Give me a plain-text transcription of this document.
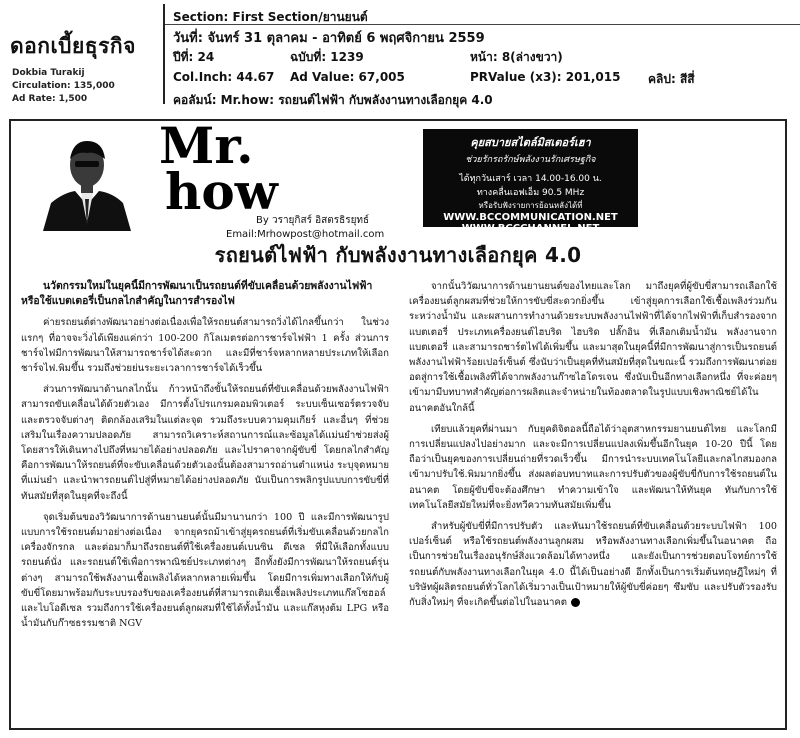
ดอกเบี้ยธุรกิจ
Dokbia Turakij
Circulation: 135,000
Ad Rate: 1,500
Section: First Section/ยานยนต์
วันที่: จันทร์ 31 ตุลาคม - อาทิตย์ 6 พฤศจิกายน 2559
ปีที่: 24	ฉบับที่: 1239	หน้า: 8(ล่างขวา)
Col.Inch: 44.67 Ad Value: 67,005	PRValue (x3): 201,015 คลิป: สีสี่
คอลัมน์: Mr.how: รถยนต์ไฟฟ้า กับพลังงานทางเลือกยุค 4.0
Mr.
how
By วรายุกิสร์ อิสตรธิรยุทธ์
Email:Mrhowpost@hotmail.com
คุยสบายสไตล์มิสเตอร์เฮา
ช่วยรักรถรักษ์พลังงานรักเศรษฐกิจ
ได้ทุกวันเสาร์ เวลา 14.00-16.00 น.
ทางคลื่นเอฟเอ็ม 90.5 MHz
หรือรับฟังรายการย้อนหลังได้ที่
WWW.BCCOMMUNICATION.NET
WWW.BCCCHANNEL.NET
รถยนต์ไฟฟ้า กับพลังงานทางเลือกยุค 4.0

นวัตกรรมใหม่ในยุคนี้มีการพัฒนาเป็นรถยนต์ที่ขับเคลื่อนด้วยพลังงานไฟฟ้า หรือใช้แบตเตอรี่เป็นกลไกสำคัญในการสำรองไฟ

ค่ายรถยนต์ต่างพัฒนาอย่างต่อเนื่องเพื่อให้รถยนต์สามารถวิ่งได้ไกลขึ้นกว่า ในช่วงแรกๆ ที่อาจจะวิ่งได้เพียงแค่กว่า 100-200 กิโลเมตรต่อการชาร์จไฟฟ้า 1 ครั้ง ส่วนการชาร์จไฟมีการพัฒนาให้สามารถชาร์จได้สะดวก และมีที่ชาร์จหลากหลายประเภทให้เลือก ชาร์จไฟ.พิมขึ้น รวมถึงช่วยย่นระยะเวลาการชาร์จได้เร็วขึ้น

ส่วนการพัฒนาด้านกลไกนั้น ก้าวหน้าถึงขั้นให้รถยนต์ที่ขับเคลื่อนด้วยพลังงานไฟฟ้าสามารถขับเคลื่อนได้ด้วยตัวเอง มีการตั้งโปรแกรมคอมพิวเตอร์ ระบบเซ็นเซอร์ตรวจจับและตรวจจับต่างๆ ติดกล้องเสริมในแต่ละจุด รวมถึงระบบความคุมเกียร์ และอื่นๆ ที่ช่วยเสริมในเรื่องความปลอดภัย สามารถวิเคราะห์สถานการณ์และซ้อมูลได้แม่นยำช่วยส่งผู้โดยสารให้เดินทางไปถึงที่หมายได้อย่างปลอดภัย และไปราคาจากผู้ขับขี่ โดยกลไกสำคัญคือการพัฒนาให้รถยนต์ที่จะขับเคลื่อนด้วยตัวเองนั้นต้องสามารถอ่านตำแหน่ง ระบุจุดหมายที่แม่นยำ และนำพารถยนต์ไปสู่ที่หมายได้อย่างปลอดภัย นับเป็นการพลิกรูปแบบการขับขี่ที่ทันสมัยที่สุดในยุคที่จะถึงนี้

จุดเริ่มต้นของวิวัฒนาการด้านยานยนต์นั้นมีมานานกว่า 100 ปี และมีการพัฒนารูปแบบการใช้รถยนต์มาอย่างต่อเนื่อง จากยุครถม้าเข้าสู่ยุครถยนต์ที่เริ่มขับเคลื่อนด้วยกลไกเครื่องจักรกล และต่อมาก็มาถึงรถยนต์ที่ใช้เครื่องยนต์เบนซิน ดีเซล ที่มีให้เลือกทั้งแบบรถยนต์นั่ง และรถยนต์ใช้เพื่อการพาณิชย์ประเภทต่างๆ อีกทั้งยังมีการพัฒนาให้รถยนต์รุ่นต่างๆ สามารถใช้พลังงานเชื้อเพลิงได้หลากหลายเพิ่มขึ้น โดยมีการเพิ่มทางเลือกให้กับผู้ขับขี่โดยมาพร้อมกับระบบรองรับของเครื่องยนต์ที่สามารถเติมเชื้อเพลิงประเภทแก๊สโซฮอล์ และไบโอดีเซล รวมถึงการใช้เครื่องยนต์ลูกผสมที่ใช้ได้ทั้งน้ำมัน และแก๊สหุงต้ม LPG หรือน้ำมันกับก๊าซธรรมชาติ NGV

จากนั้นวิวัฒนาการด้านยานยนต์ของไทยและโลก มาถึงยุคที่ผู้ขับขี่สามารถเลือกใช้เครื่องยนต์ลูกผสมที่ช่วยให้การขับขี่สะดวกยิ่งขึ้น เข้าสู่ยุคการเลือกใช้เชื้อเพลิงร่วมกันระหว่างน้ำมัน และผสานการทำงานด้วยระบบพลังงานไฟฟ้าที่ได้จากไฟฟ้าที่เก็บสำรองจากแบตเตอรี่ ประเภทเครื่องยนต์ไฮบริด ไฮบริด ปลั๊กอิน ที่เลือกเติมน้ำมัน พลังงานจากแบตเตอรี่ และสามารถชาร์ตไฟได้เพิ่มขึ้น และมาสุดในยุคนี้ที่มีการพัฒนาสู่การเป็นรถยนต์พลังงานไฟฟ้าร้อยเปอร์เซ็นต์ ซึ่งนับว่าเป็นยุคที่ทันสมัยที่สุดในขณะนี้ รวมถึงการพัฒนาต่อยอดสู่การใช้เชื้อเพลิงที่ได้จากพลังงานก๊าซไฮโดรเจน ซึ่งนับเป็นอีกทางเลือกหนึ่ง ที่จะค่อยๆ เข้ามามีบทบาทสำคัญต่อการผลิตและจำหน่ายในท้องตลาดในรูปแบบเชิงพาณิชย์ได้ในอนาคตอันใกล้นี้

เทียบแล้วยุคที่ผ่านมา กับยุคดิจิตอลนี้ถือได้ว่าอุตสาหกรรมยานยนต์ไทย และโลกมีการเปลี่ยนแปลงไปอย่างมาก และจะมีการเปลี่ยนแปลงเพิ่มขึ้นอีกในยุค 10-20 ปีนี้ โดยถือว่าเป็นยุคของการเปลี่ยนถ่ายที่รวดเร็วขึ้น มีการนำระบบเทคโนโลยีและกลไกสมองกลเข้ามาปรับใช้.พิมมากยิ่งขึ้น ส่งผลต่อบทบาทและการปรับตัวของผู้ขับขี่กับการใช้รถยนต์ในอนาคต โดยผู้ขับขี่จะต้องศึกษา ทำความเข้าใจ และพัฒนาให้ทันยุค ทันกับการใช้เทคโนโลยีสมัยใหม่ที่จะยิ่งทวีความทันสมัยเพิ่มขึ้น

สำหรับผู้ขับขี่ที่มีการปรับตัว และหันมาใช้รถยนต์ที่ขับเคลื่อนด้วยระบบไฟฟ้า 100 เปอร์เซ็นต์ หรือใช้รถยนต์พลังงานลูกผสม หรือพลังงานทางเลือกเพิ่มขึ้นในอนาคต ถือเป็นการช่วยในเรื่องอนุรักษ์สิ่งแวดล้อมได้ทางหนึ่ง และยังเป็นการช่วยตอบโจทย์การใช้รถยนต์กับพลังงานทางเลือกในยุค 4.0 นี้ได้เป็นอย่างดี อีกทั้งเป็นการเริ่มต้นทฤษฎีใหม่ๆ ที่บริษัทผู้ผลิตรถยนต์ทั่วโลกได้เริ่มวางเป็นเป้าหมายให้ผู้ขับขี่ค่อยๆ ซึมซับ และปรับตัวรองรับกับสิ่งใหม่ๆ ที่จะเกิดขึ้นต่อไปในอนาคต
